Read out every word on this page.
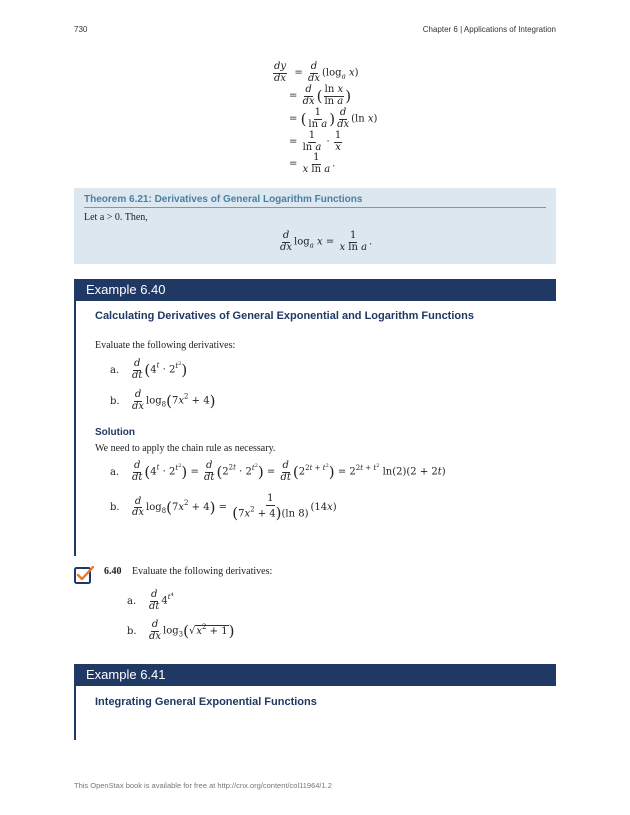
730	Chapter 6 | Applications of Integration
$\frac{dy}{dx} = \frac{d}{dx} (\log_a$ x)
= $\frac{d}{dx}$ ( $\frac{\text{ln x}}{\text{ln a}}$ )
= ( $\frac{1}{\text{ln a}}$ ) $\frac{d}{dx} (\ln$ x)
= $\frac{1}{\text{ln a}} \cdot \frac{1}{x}$
= $\frac{1}{\text{x ln a}}$ .
Theorem 6.21: Derivatives of General Logarithm Functions
Let a > 0. Then,
$\frac{d}{dx} \log_a x = \frac{1}{\text{x ln a}}$ .
Example 6.40
Calculating Derivatives of General Exponential and Logarithm Functions
Evaluate the following derivatives:
a. $\frac{d}{dt} (4^t \cdot 2^{t^2})$
b. $\frac{d}{dx} \log_8(7x^2 + 4)$
Solution
We need to apply the chain rule as necessary.
a. $\frac{d}{dt} (4^t \cdot 2^{t^2}) = \frac{d}{dt} (2^{2t} \cdot 2^{t^2}) = \frac{d}{dt} (2^{2t + t^2}) = 2^{2t + t^2}$ ln(2)(2 + 2t)
b. $\frac{d}{dx} \log_8(7x^2 + 4) = \frac{1}{(7x^2 + 4)(\ln 8)} (14x)$
6.40 Evaluate the following derivatives:
a. $\frac{d}{dt} 4^{t^4}$
b. $\frac{d}{dx} \log_3(√x^2 + 1)$
Example 6.41
Integrating General Exponential Functions
This OpenStax book is available for free at http://cnx.org/content/col11964/1.2
